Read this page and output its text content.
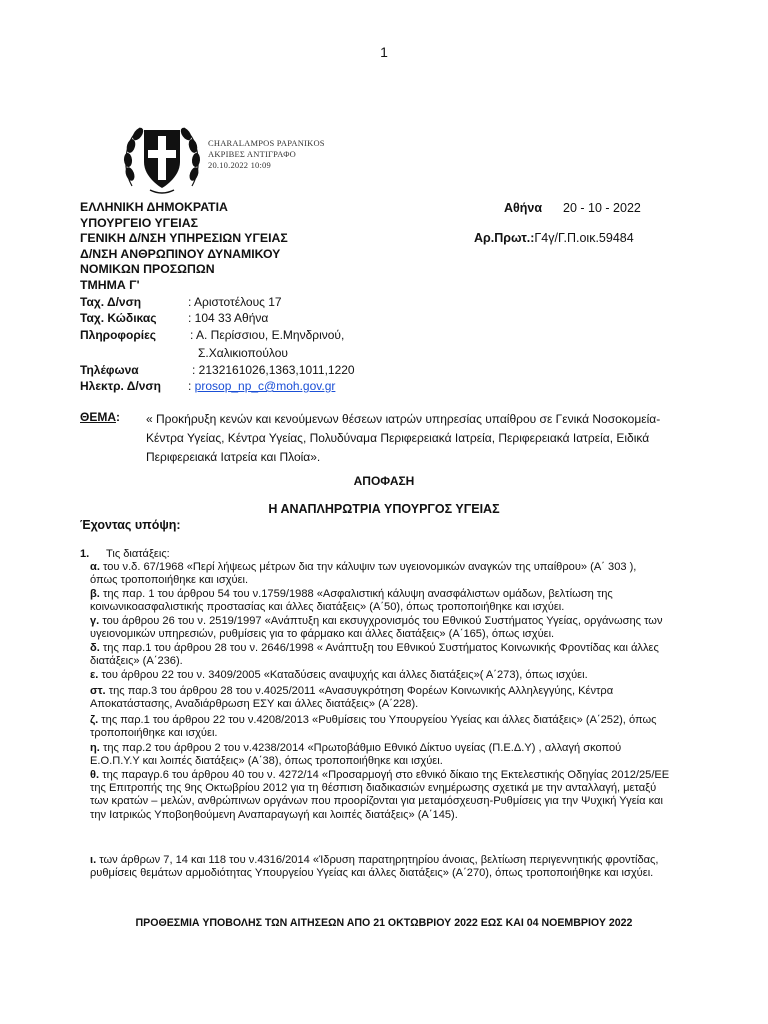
1
CHARALAMPOS PAPANIKOS
ΑΚΡΙΒΕΣ ΑΝΤΙΓΡΑΦΟ
20.10.2022 10:09
ΕΛΛΗΝΙΚΗ ΔΗΜΟΚΡΑΤΙΑ
ΥΠΟΥΡΓΕΙΟ ΥΓΕΙΑΣ
ΓΕΝΙΚΗ Δ/ΝΣΗ ΥΠΗΡΕΣΙΩΝ ΥΓΕΙΑΣ
Δ/ΝΣΗ ΑΝΘΡΩΠΙΝΟΥ ΔΥΝΑΜΙΚΟΥ
ΝΟΜΙΚΩΝ ΠΡΟΣΩΠΩΝ
ΤΜΗΜΑ Γ'
Αθήνα 20 - 10 - 2022
Αρ.Πρωτ.:Γ4γ/Γ.Π.οικ.59484
Ταχ. Δ/νση	: Αριστοτέλους 17
Ταχ. Κώδικας	: 104 33 Αθήνα
Πληροφορίες	: Α. Περίσσιου, Ε.Μηνδρινού,
Σ.Χαλικιοπούλου
Τηλέφωνα	: 2132161026,1363,1011,1220
Ηλεκτρ. Δ/νση : prosop_np_c@moh.gov.gr
ΘΕΜΑ: « Προκήρυξη κενών και κενούμενων θέσεων ιατρών υπηρεσίας υπαίθρου σε Γενικά Νοσοκομεία-
Κέντρα Υγείας, Κέντρα Υγείας, Πολυδύναμα Περιφερειακά Ιατρεία, Περιφερειακά Ιατρεία, Ειδικά
Περιφερειακά Ιατρεία και Πλοία».
ΑΠΟΦΑΣΗ
Η ΑΝΑΠΛΗΡΩΤΡΙΑ ΥΠΟΥΡΓΟΣ ΥΓΕΙΑΣ
Έχοντας υπόψη:
1. Τις διατάξεις:
α. του ν.δ. 67/1968 «Περί λήψεως μέτρων δια την κάλυψιν των υγειονομικών αναγκών της υπαίθρου» (Α΄ 303 ),
όπως τροποποιήθηκε και ισχύει.
β. της παρ. 1 του άρθρου 54 του ν.1759/1988 «Ασφαλιστική κάλυψη ανασφάλιστων ομάδων, βελτίωση της
κοινωνικοασφαλιστικής προστασίας και άλλες διατάξεις» (Α΄50), όπως τροποποιήθηκε και ισχύει.
γ. του άρθρου 26 του ν. 2519/1997 «Ανάπτυξη και εκσυγχρονισμός του Εθνικού Συστήματος Υγείας, οργάνωσης των
υγειονομικών υπηρεσιών, ρυθμίσεις για το φάρμακο και άλλες διατάξεις» (Α΄165), όπως ισχύει.
δ. της παρ.1 του άρθρου 28 του ν. 2646/1998 « Ανάπτυξη του Εθνικού Συστήματος Κοινωνικής Φροντίδας και άλλες
διατάξεις» (Α΄236).
ε. του άρθρου 22 του ν. 3409/2005 «Καταδύσεις αναψυχής και άλλες διατάξεις»( Α΄273), όπως ισχύει.
στ. της παρ.3 του άρθρου 28 του ν.4025/2011 «Ανασυγκρότηση Φορέων Κοινωνικής Αλληλεγγύης, Κέντρα
Αποκατάστασης, Αναδιάρθρωση ΕΣΥ και άλλες διατάξεις» (Α΄228).
ζ. της παρ.1 του άρθρου 22 του ν.4208/2013 «Ρυθμίσεις του Υπουργείου Υγείας και άλλες διατάξεις» (Α΄252), όπως
τροποποιήθηκε και ισχύει.
η. της παρ.2 του άρθρου 2 του ν.4238/2014 «Πρωτοβάθμιο Εθνικό Δίκτυο υγείας (Π.Ε.Δ.Υ) , αλλαγή σκοπού
Ε.Ο.Π.Υ.Υ και λοιπές διατάξεις» (Α΄38), όπως τροποποιήθηκε και ισχύει.
θ. της παραγρ.6 του άρθρου 40 του ν. 4272/14 «Προσαρμογή στο εθνικό δίκαιο της Εκτελεστικής Οδηγίας 2012/25/ΕΕ
της Επιτροπής της 9ης Οκτωβρίου 2012 για τη θέσπιση διαδικασιών ενημέρωσης σχετικά με την ανταλλαγή, μεταξύ
των κρατών – μελών, ανθρώπινων οργάνων που προορίζονται για μεταμόσχευση-Ρυθμίσεις για την Ψυχική Υγεία και
την Ιατρικώς Υποβοηθούμενη Αναπαραγωγή και λοιπές διατάξεις» (Α΄145).
ι. των άρθρων 7, 14 και 118 του ν.4316/2014 «Ίδρυση παρατηρητηρίου άνοιας, βελτίωση περιγεννητικής φροντίδας,
ρυθμίσεις θεμάτων αρμοδιότητας Υπουργείου Υγείας και άλλες διατάξεις» (Α΄270), όπως τροποποιήθηκε και ισχύει.
ΠΡΟΘΕΣΜΙΑ ΥΠΟΒΟΛΗΣ ΤΩΝ ΑΙΤΗΣΕΩΝ ΑΠΟ 21 ΟΚΤΩΒΡΙΟΥ 2022 ΕΩΣ ΚΑΙ 04 ΝΟΕΜΒΡΙΟΥ 2022
